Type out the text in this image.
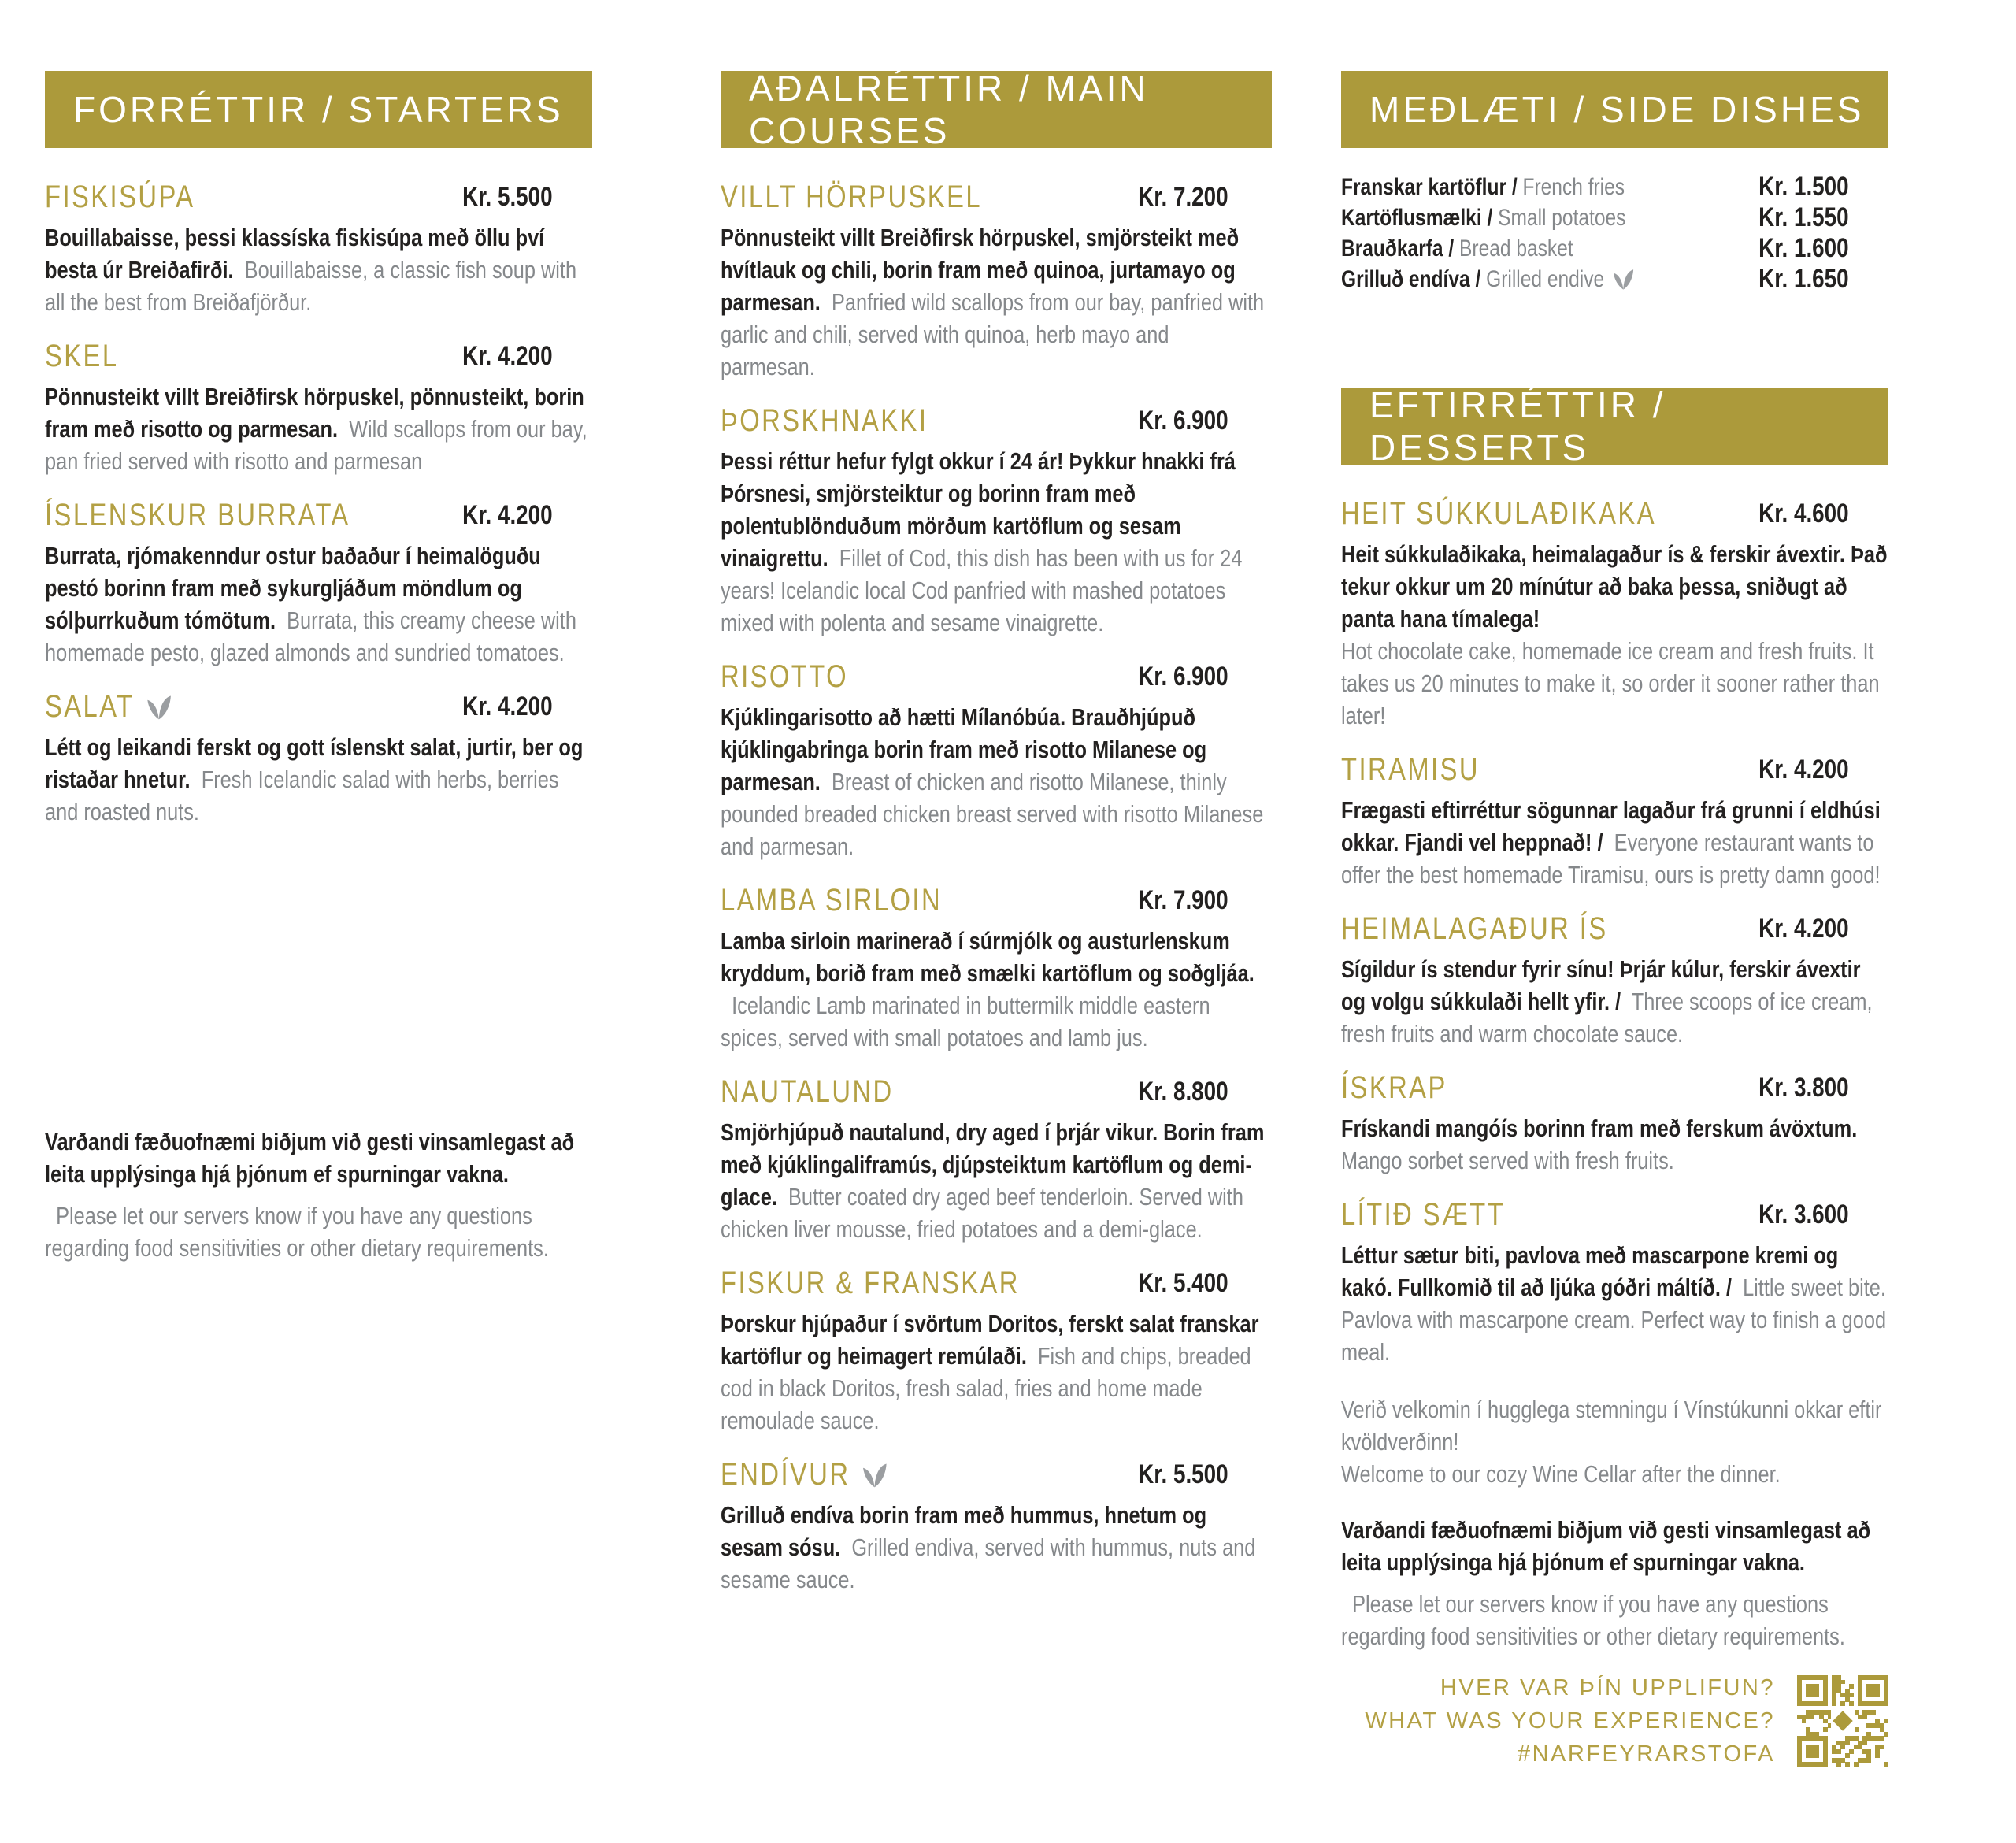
FORRÉTTIR / STARTERS
FISKISÚPA	Kr. 5.500
Bouillabaisse, þessi klassíska fiskisúpa með öllu því besta úr Breiðafirði. Bouillabaisse, a classic fish soup with all the best from Breiðafjörður.
SKEL	Kr. 4.200
Pönnusteikt villt Breiðfirsk hörpuskel, pönnusteikt, borin fram með risotto og parmesan. Wild scallops from our bay, pan fried served with risotto and parmesan
ÍSLENSKUR BURRATA	Kr. 4.200
Burrata, rjómakenndur ostur baðaður í heimalöguðu pestó borinn fram með sykurgljáðum möndlum og sólþurrkuðum tómötum. Burrata, this creamy cheese with homemade pesto, glazed almonds and sundried tomatoes.
SALAT	Kr. 4.200
Létt og leikandi ferskt og gott íslenskt salat, jurtir, ber og ristaðar hnetur. Fresh Icelandic salad with herbs, berries and roasted nuts.

Varðandi fæðuofnæmi biðjum við gesti vinsamlegast að leita upplýsinga hjá þjónum ef spurningar vakna.

Please let our servers know if you have any questions regarding food sensitivities or other dietary requirements.

AÐALRÉTTIR / MAIN COURSES
VILLT HÖRPUSKEL	Kr. 7.200
Pönnusteikt villt Breiðfirsk hörpuskel, smjörsteikt með hvítlauk og chili, borin fram með quinoa, jurtamayo og parmesan. Panfried wild scallops from our bay, panfried with garlic and chili, served with quinoa, herb mayo and parmesan.
ÞORSKHNAKKI	Kr. 6.900
Þessi réttur hefur fylgt okkur í 24 ár! Þykkur hnakki frá Þórsnesi, smjörsteiktur og borinn fram með polentublönduðum mörðum kartöflum og sesam vinaigrettu. Fillet of Cod, this dish has been with us for 24 years! Icelandic local Cod panfried with mashed potatoes mixed with polenta and sesame vinaigrette.
RISOTTO	Kr. 6.900
Kjúklingarisotto að hætti Mílanóbúa. Brauðhjúpuð kjúklingabringa borin fram með risotto Milanese og parmesan. Breast of chicken and risotto Milanese, thinly pounded breaded chicken breast served with risotto Milanese and parmesan.
LAMBA SIRLOIN	Kr. 7.900
Lamba sirloin marinerað í súrmjólk og austurlenskum kryddum, borið fram með smælki kartöflum og soðgljáa.Icelandic Lamb marinated in buttermilk middle eastern spices, served with small potatoes and lamb jus.
NAUTALUND	Kr. 8.800
Smjörhjúpuð nautalund, dry aged í þrjár vikur. Borin fram með kjúklingaliframús, djúpsteiktum kartöflum og demi-glace. Butter coated dry aged beef tenderloin. Served with chicken liver mousse, fried potatoes and a demi-glace.
FISKUR & FRANSKAR	Kr. 5.400
Þorskur hjúpaður í svörtum Doritos, ferskt salat franskar kartöflur og heimagert remúlaði. Fish and chips, breaded cod in black Doritos, fresh salad, fries and home made remoulade sauce.
ENDÍVUR	Kr. 5.500
Grilluð endíva borin fram með hummus, hnetum og sesam sósu. Grilled endiva, served with hummus, nuts and sesame sauce.
MEÐLÆTI / SIDE DISHES
Franskar kartöflur / French fries	Kr. 1.500
Kartöflusmælki / Small potatoes	Kr. 1.550
Brauðkarfa / Bread basket	Kr. 1.600
Grilluð endíva / Grilled endive	Kr. 1.650
EFTIRRÉTTIR / DESSERTS
HEIT SÚKKULAÐIKAKA	Kr. 4.600
Heit súkkulaðikaka, heimalagaður ís & ferskir ávextir. Það tekur okkur um 20 mínútur að baka þessa, sniðugt að panta hana tímalega!
Hot chocolate cake, homemade ice cream and fresh fruits. It takes us 20 minutes to make it, so order it sooner rather than later!
TIRAMISU	Kr. 4.200
Frægasti eftirréttur sögunnar lagaður frá grunni í eldhúsi okkar. Fjandi vel heppnað! / Everyone restaurant wants to offer the best homemade Tiramisu, ours is pretty damn good!
HEIMALAGAÐUR ÍS	Kr. 4.200
Sígildur ís stendur fyrir sínu! Þrjár kúlur, ferskir ávextir og volgu súkkulaði hellt yfir. / Three scoops of ice cream, fresh fruits and warm chocolate sauce.
ÍSKRAP	Kr. 3.800
Frískandi mangóís borinn fram með ferskum ávöxtum.
Mango sorbet served with fresh fruits.
LÍTIÐ SÆTT	Kr. 3.600
Léttur sætur biti, pavlova með mascarpone kremi og kakó. Fullkomið til að ljúka góðri máltíð. / Little sweet bite. Pavlova with mascarpone cream. Perfect way to finish a good meal.

Verið velkomin í hugglega stemningu í Vínstúkunni okkar eftir kvöldverðinn!

Welcome to our cozy Wine Cellar after the dinner.

Varðandi fæðuofnæmi biðjum við gesti vinsamlegast að leita upplýsinga hjá þjónum ef spurningar vakna.

Please let our servers know if you have any questions regarding food sensitivities or other dietary requirements.

HVER VAR ÞÍN UPPLIFUN?
WHAT WAS YOUR EXPERIENCE?
#NARFEYRARSTOFA
